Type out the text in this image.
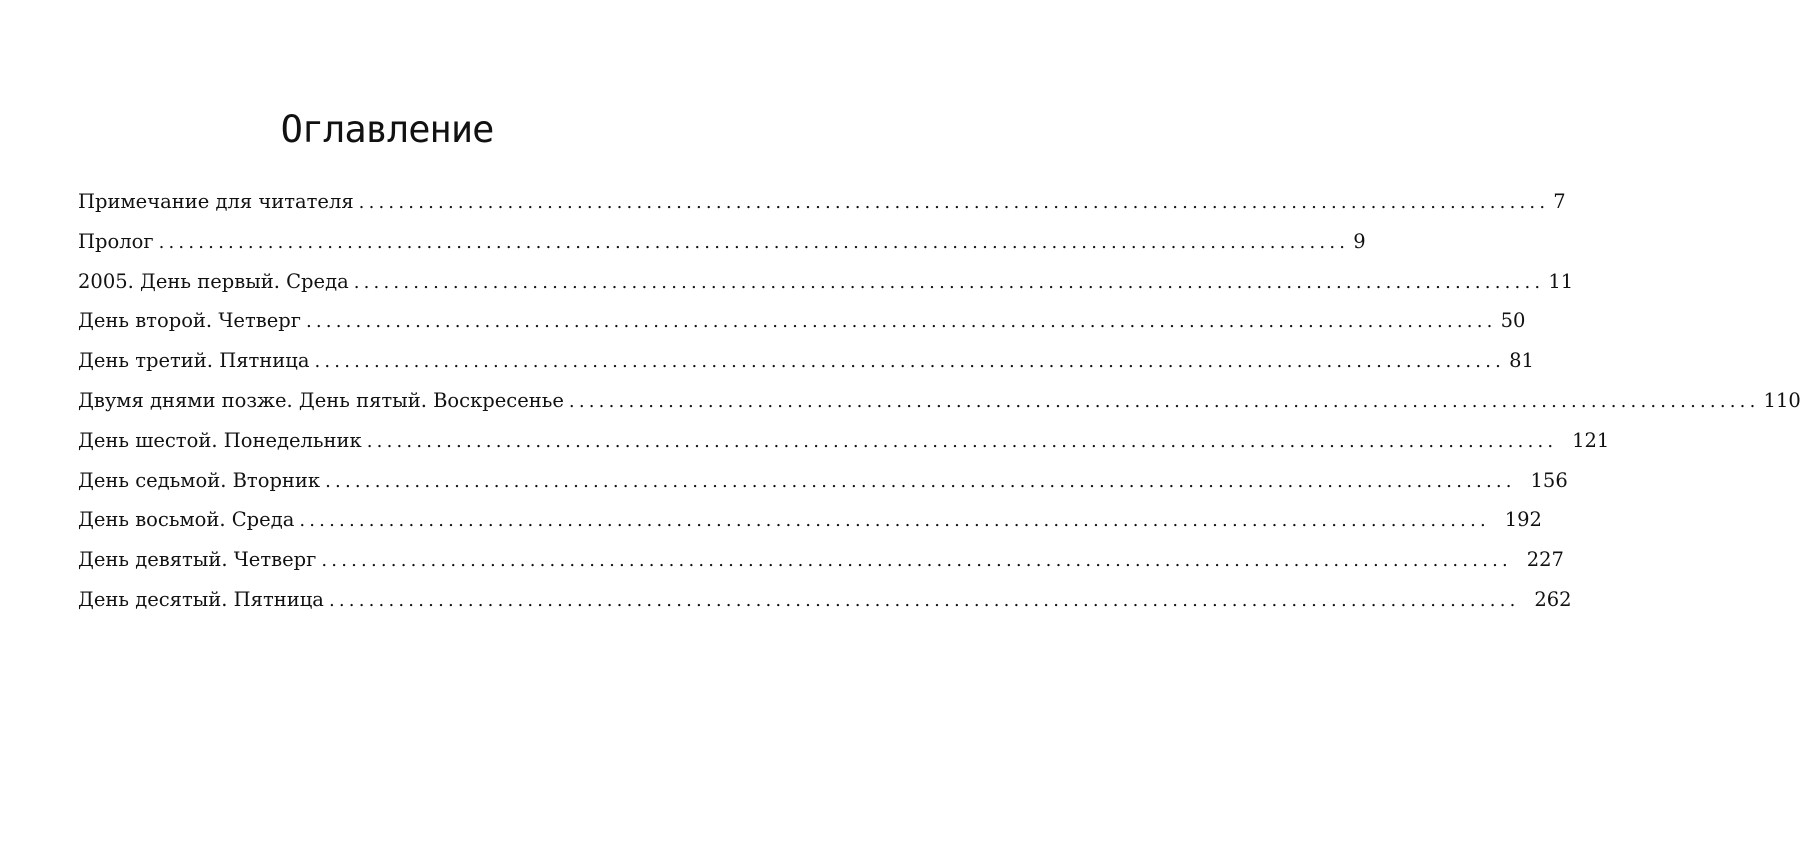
Оглавление
Примечание для читателя ........................................................................................................................ 7
Пролог ........................................................................................................................ 9
2005. День первый. Среда ........................................................................................................................ 11
День второй. Четверг ........................................................................................................................ 50
День третий. Пятница ........................................................................................................................ 81
Двумя днями позже. День пятый. Воскресенье ........................................................................................................................ 110
День шестой. Понедельник ........................................................................................................................ 121
День седьмой. Вторник ........................................................................................................................ 156
День восьмой. Среда ........................................................................................................................ 192
День девятый. Четверг ........................................................................................................................ 227
День десятый. Пятница ........................................................................................................................ 262
